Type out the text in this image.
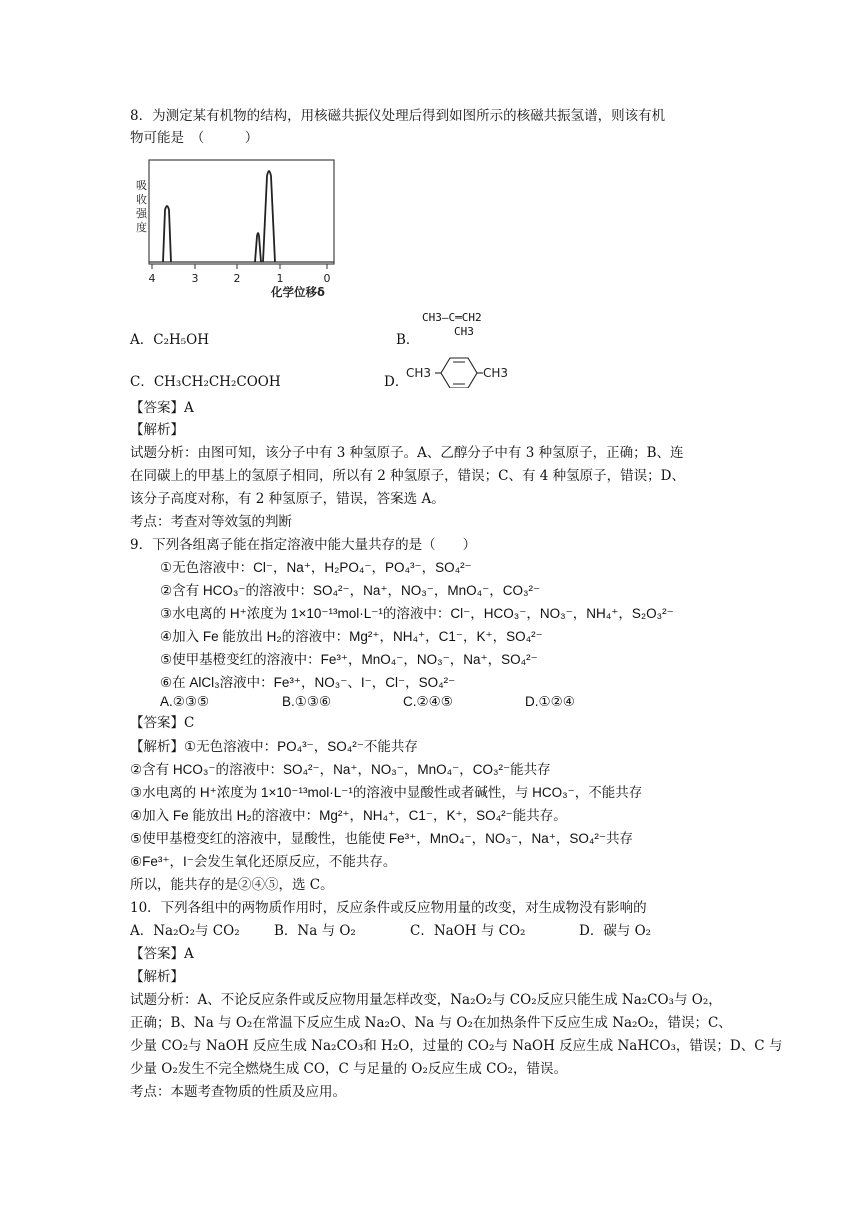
8．为测定某有机物的结构，用核磁共振仪处理后得到如图所示的核磁共振氢谱，则该有机
物可能是　（　　　）
吸
收
强
度
4	3	2	1	0
化学位移δ
A．C₂H₅OH	B．
CH3—C═CH2
CH3
C．CH₃CH₂CH₂COOH	D．
CH3	CH3
【答案】A
【解析】
试题分析：由图可知，该分子中有 3 种氢原子。A、乙醇分子中有 3 种氢原子，正确；B、连
在同碳上的甲基上的氢原子相同，所以有 2 种氢原子，错误；C、有 4 种氢原子，错误；D、
该分子高度对称，有 2 种氢原子，错误，答案选 A。
考点：考查对等效氢的判断
9．下列各组离子能在指定溶液中能大量共存的是（　　）
①无色溶液中：Cl⁻，Na⁺，H₂PO₄⁻，PO₄³⁻，SO₄²⁻
②含有 HCO₃⁻的溶液中：SO₄²⁻，Na⁺，NO₃⁻，MnO₄⁻，CO₃²⁻
③水电离的 H⁺浓度为 1×10⁻¹³mol·L⁻¹的溶液中：Cl⁻，HCO₃⁻，NO₃⁻，NH₄⁺，S₂O₃²⁻
④加入 Fe 能放出 H₂的溶液中：Mg²⁺，NH₄⁺，C1⁻，K⁺，SO₄²⁻
⑤使甲基橙变红的溶液中：Fe³⁺，MnO₄⁻，NO₃⁻，Na⁺，SO₄²⁻
⑥在 AlCl₃溶液中：Fe³⁺，NO₃⁻、I⁻，Cl⁻，SO₄²⁻
A.②③⑤	B.①③⑥	C.②④⑤	D.①②④
【答案】C
【解析】①无色溶液中：PO₄³⁻，SO₄²⁻不能共存
②含有 HCO₃⁻的溶液中：SO₄²⁻，Na⁺，NO₃⁻，MnO₄⁻，CO₃²⁻能共存
③水电离的 H⁺浓度为 1×10⁻¹³mol·L⁻¹的溶液中显酸性或者碱性，与 HCO₃⁻，不能共存
④加入 Fe 能放出 H₂的溶液中：Mg²⁺，NH₄⁺，C1⁻，K⁺，SO₄²⁻能共存。
⑤使甲基橙变红的溶液中，显酸性，也能使 Fe³⁺，MnO₄⁻，NO₃⁻，Na⁺，SO₄²⁻共存
⑥Fe³⁺，I⁻会发生氧化还原反应，不能共存。
所以，能共存的是②④⑤，选 C。
10．下列各组中的两物质作用时，反应条件或反应物用量的改变，对生成物没有影响的
A．Na₂O₂与 CO₂	B．Na 与 O₂	C．NaOH 与 CO₂	D．碳与 O₂
【答案】A
【解析】
试题分析：A、不论反应条件或反应物用量怎样改变，Na₂O₂与 CO₂反应只能生成 Na₂CO₃与 O₂，
正确；B、Na 与 O₂在常温下反应生成 Na₂O、Na 与 O₂在加热条件下反应生成 Na₂O₂，错误；C、
少量 CO₂与 NaOH 反应生成 Na₂CO₃和 H₂O，过量的 CO₂与 NaOH 反应生成 NaHCO₃，错误；D、C 与
少量 O₂发生不完全燃烧生成 CO，C 与足量的 O₂反应生成 CO₂，错误。
考点：本题考查物质的性质及应用。
